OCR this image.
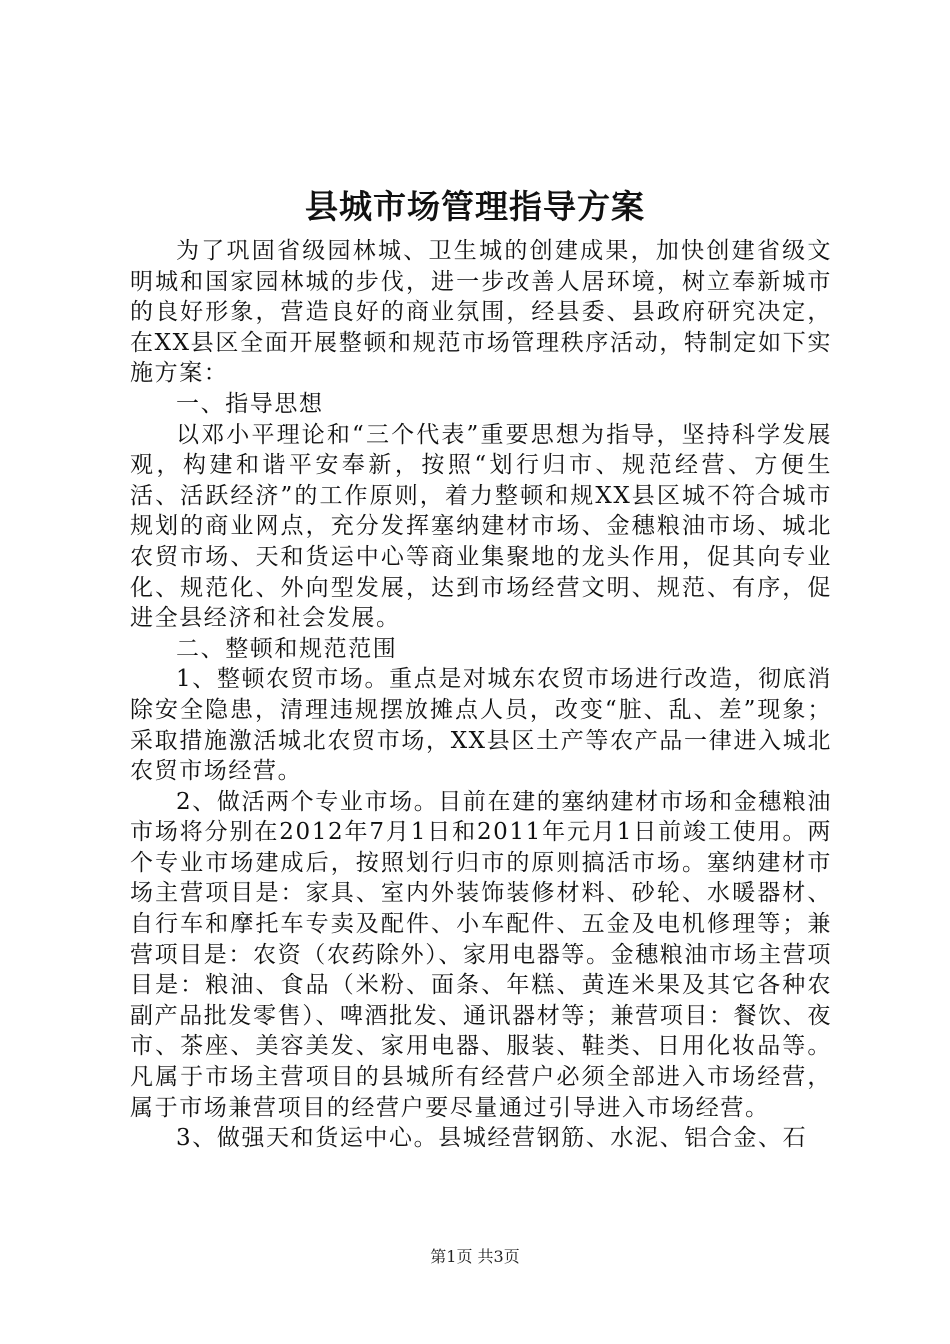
县城市场管理指导方案

为了巩固省级园林城、卫生城的创建成果，加快创建省级文明城和国家园林城的步伐，进一步改善人居环境，树立奉新城市的良好形象，营造良好的商业氛围，经县委、县政府研究决定，在XX县区全面开展整顿和规范市场管理秩序活动，特制定如下实施方案：

一、指导思想

以邓小平理论和“三个代表”重要思想为指导，坚持科学发展观，构建和谐平安奉新，按照“划行归市、规范经营、方便生活、活跃经济”的工作原则，着力整顿和规XX县区城不符合城市规划的商业网点，充分发挥塞纳建材市场、金穗粮油市场、城北农贸市场、天和货运中心等商业集聚地的龙头作用，促其向专业化、规范化、外向型发展，达到市场经营文明、规范、有序，促进全县经济和社会发展。

二、整顿和规范范围

1、整顿农贸市场。重点是对城东农贸市场进行改造，彻底消除安全隐患，清理违规摆放摊点人员，改变“脏、乱、差”现象；采取措施激活城北农贸市场，XX县区土产等农产品一律进入城北农贸市场经营。

2、做活两个专业市场。目前在建的塞纳建材市场和金穗粮油市场将分别在2012年7月1日和2011年元月1日前竣工使用。两个专业市场建成后，按照划行归市的原则搞活市场。塞纳建材市场主营项目是：家具、室内外装饰装修材料、砂轮、水暖器材、自行车和摩托车专卖及配件、小车配件、五金及电机修理等；兼营项目是：农资（农药除外）、家用电器等。金穗粮油市场主营项目是：粮油、食品（米粉、面条、年糕、黄连米果及其它各种农副产品批发零售）、啤酒批发、通讯器材等；兼营项目：餐饮、夜市、茶座、美容美发、家用电器、服装、鞋类、日用化妆品等。凡属于市场主营项目的县城所有经营户必须全部进入市场经营，属于市场兼营项目的经营户要尽量通过引导进入市场经营。

3、做强天和货运中心。县城经营钢筋、水泥、铝合金、石

第1页 共3页
